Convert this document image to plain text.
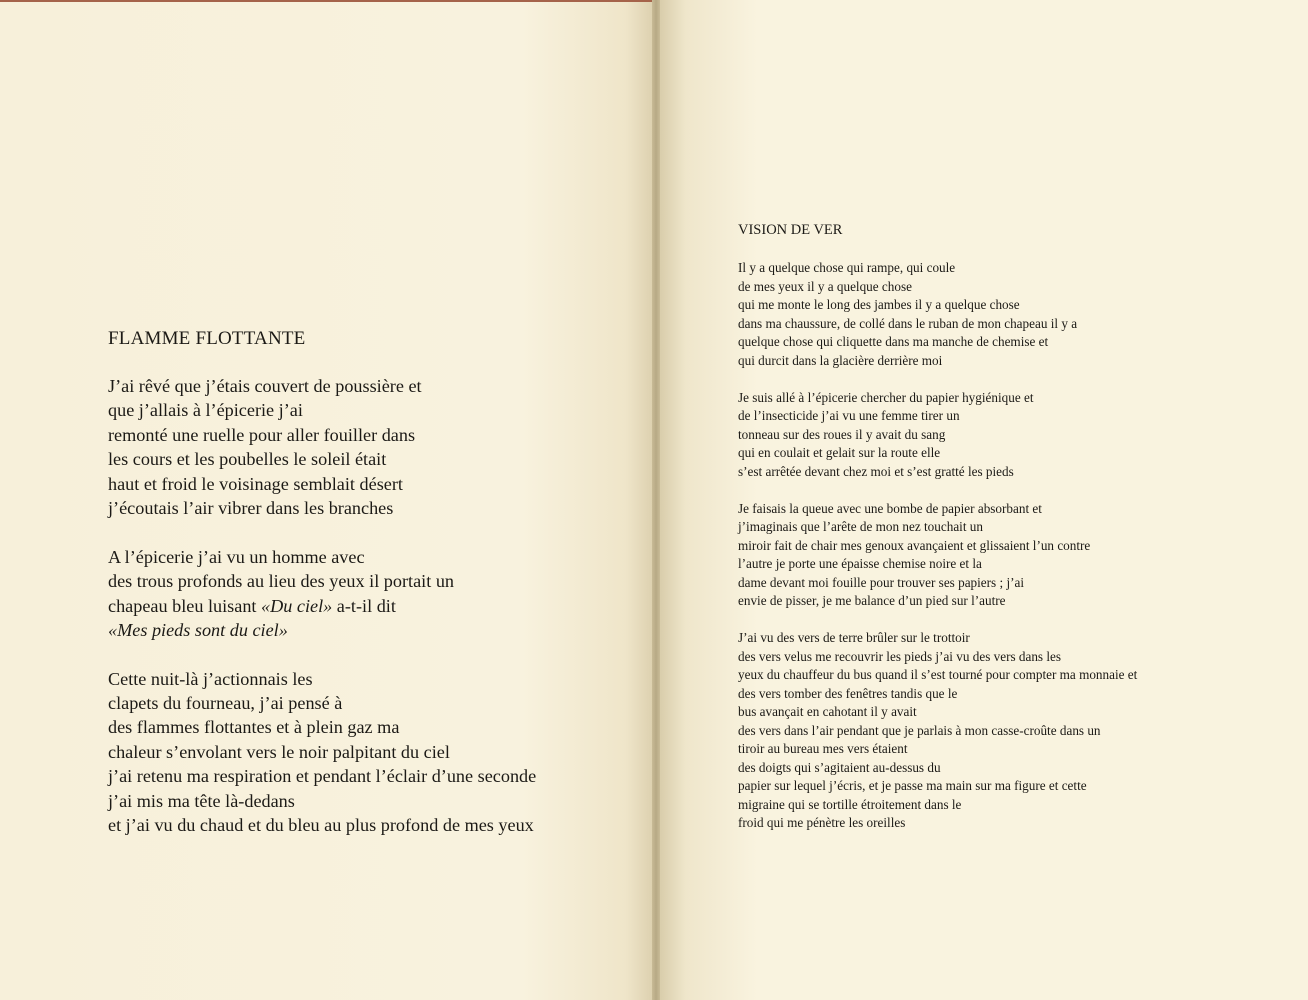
FLAMME FLOTTANTE
J’ai rêvé que j’étais couvert de poussière et
que j’allais à l’épicerie j’ai
remonté une ruelle pour aller fouiller dans
les cours et les poubelles le soleil était
haut et froid le voisinage semblait désert
j’écoutais l’air vibrer dans les branches
A l’épicerie j’ai vu un homme avec
des trous profonds au lieu des yeux il portait un
chapeau bleu luisant «Du ciel» a-t-il dit
«Mes pieds sont du ciel»
Cette nuit-là j’actionnais les
clapets du fourneau, j’ai pensé à
des flammes flottantes et à plein gaz ma
chaleur s’envolant vers le noir palpitant du ciel
j’ai retenu ma respiration et pendant l’éclair d’une seconde
j’ai mis ma tête là-dedans
et j’ai vu du chaud et du bleu au plus profond de mes yeux
VISION DE VER
Il y a quelque chose qui rampe, qui coule
de mes yeux il y a quelque chose
qui me monte le long des jambes il y a quelque chose
dans ma chaussure, de collé dans le ruban de mon chapeau il y a
quelque chose qui cliquette dans ma manche de chemise et
qui durcit dans la glacière derrière moi
Je suis allé à l’épicerie chercher du papier hygiénique et
de l’insecticide j’ai vu une femme tirer un
tonneau sur des roues il y avait du sang
qui en coulait et gelait sur la route elle
s’est arrêtée devant chez moi et s’est gratté les pieds
Je faisais la queue avec une bombe de papier absorbant et
j’imaginais que l’arête de mon nez touchait un
miroir fait de chair mes genoux avançaient et glissaient l’un contre
l’autre je porte une épaisse chemise noire et la
dame devant moi fouille pour trouver ses papiers ; j’ai
envie de pisser, je me balance d’un pied sur l’autre
J’ai vu des vers de terre brûler sur le trottoir
des vers velus me recouvrir les pieds j’ai vu des vers dans les
yeux du chauffeur du bus quand il s’est tourné pour compter ma monnaie et
des vers tomber des fenêtres tandis que le
bus avançait en cahotant il y avait
des vers dans l’air pendant que je parlais à mon casse-croûte dans un
tiroir au bureau mes vers étaient
des doigts qui s’agitaient au-dessus du
papier sur lequel j’écris, et je passe ma main sur ma figure et cette
migraine qui se tortille étroitement dans le
froid qui me pénètre les oreilles
